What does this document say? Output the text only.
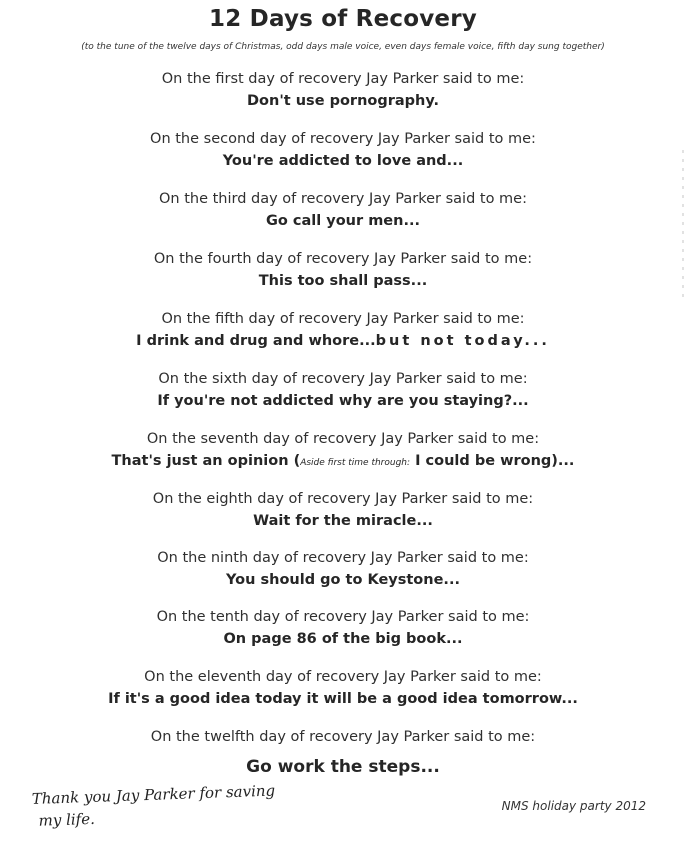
12 Days of Recovery
(to the tune of the twelve days of Christmas, odd days male voice, even days female voice, fifth day sung together)
On the first day of recovery Jay Parker said to me:
Don't use pornography.
On the second day of recovery Jay Parker said to me:
You're addicted to love and...
On the third day of recovery Jay Parker said to me:
Go call your men...
On the fourth day of recovery Jay Parker said to me:
This too shall pass...
On the fifth day of recovery Jay Parker said to me:
I drink and drug and whore...but not today...
On the sixth day of recovery Jay Parker said to me:
If you're not addicted why are you staying?...
On the seventh day of recovery Jay Parker said to me:
That's just an opinion (Aside first time through: I could be wrong)...
On the eighth day of recovery Jay Parker said to me:
Wait for the miracle...
On the ninth day of recovery Jay Parker said to me:
You should go to Keystone...
On the tenth day of recovery Jay Parker said to me:
On page 86 of the big book...
On the eleventh day of recovery Jay Parker said to me:
If it's a good idea today it will be a good idea tomorrow...
On the twelfth day of recovery Jay Parker said to me:
Go work the steps...
Thank you Jay Parker for saving my life.
NMS holiday party 2012
